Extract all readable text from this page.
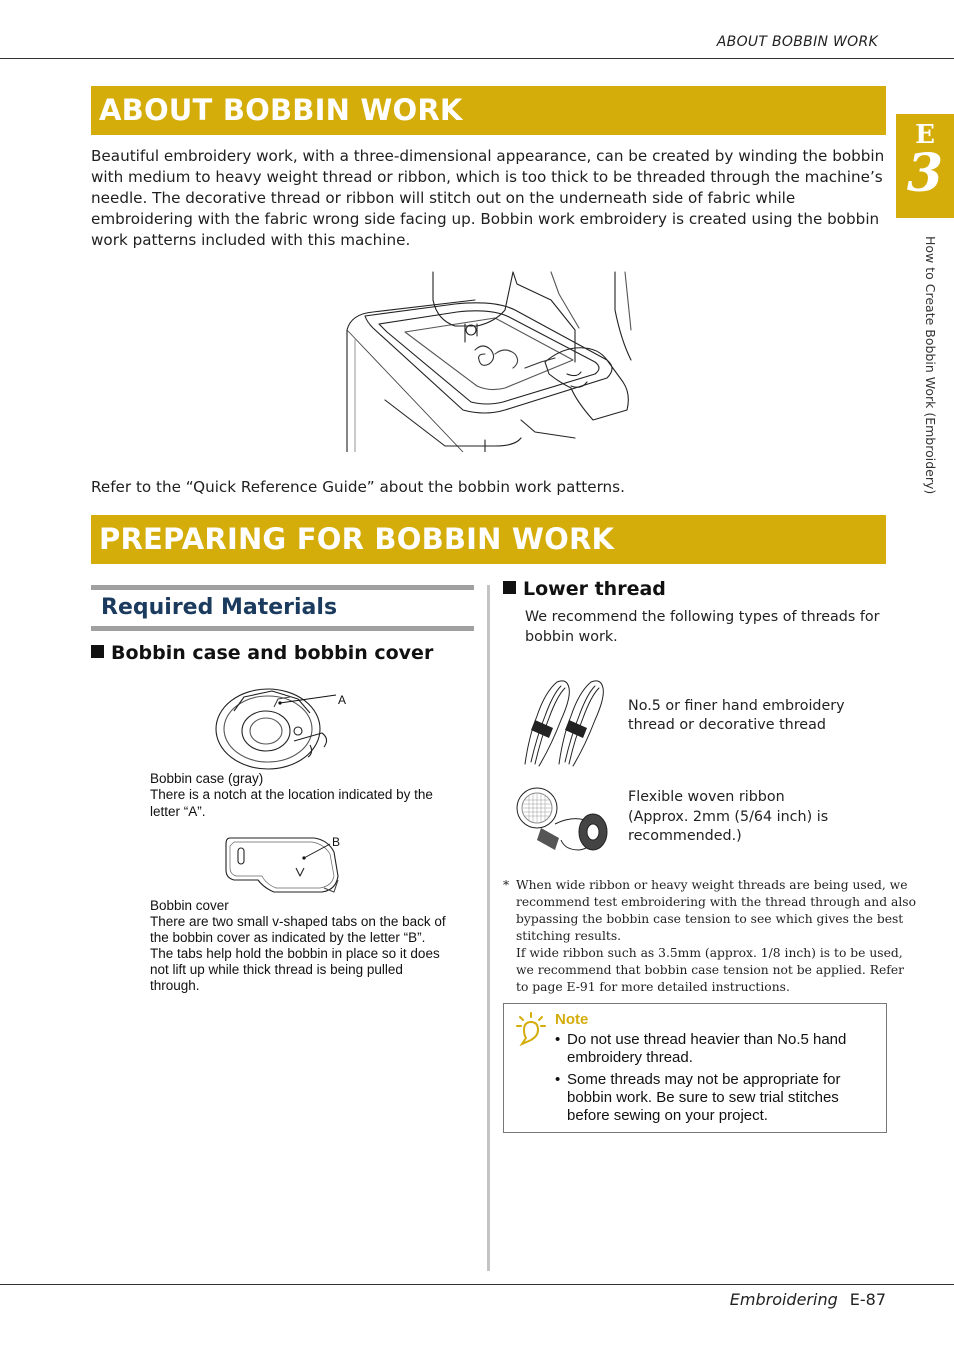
ABOUT BOBBIN WORK
E
3
How to Create Bobbin Work (Embroidery)
ABOUT BOBBIN WORK
Beautiful embroidery work, with a three-dimensional appearance, can be created by winding the bobbin with medium to heavy weight thread or ribbon, which is too thick to be threaded through the machine’s needle. The decorative thread or ribbon will stitch out on the underneath side of fabric while embroidering with the fabric wrong side facing up. Bobbin work embroidery is created using the bobbin work patterns included with this machine.
Refer to the “Quick Reference Guide” about the bobbin work patterns.
PREPARING FOR BOBBIN WORK
Required Materials
Bobbin case and bobbin cover
A
Bobbin case (gray)
There is a notch at the location indicated by the
letter “A”.
B
Bobbin cover
There are two small v-shaped tabs on the back of
the bobbin cover as indicated by the letter “B”.
The tabs help hold the bobbin in place so it does
not lift up while thick thread is being pulled
through.
Lower thread
We recommend the following types of threads for
bobbin work.
No.5 or finer hand embroidery
thread or decorative thread
Flexible woven ribbon
(Approx. 2mm (5/64 inch) is
recommended.)
* When wide ribbon or heavy weight threads are being used, we
recommend test embroidering with the thread through and also
bypassing the bobbin case tension to see which gives the best
stitching results.
If wide ribbon such as 3.5mm (approx. 1/8 inch) is to be used,
we recommend that bobbin case tension not be applied. Refer
to page E-91 for more detailed instructions.
Note
• Do not use thread heavier than No.5 hand
embroidery thread.
• Some threads may not be appropriate for
bobbin work. Be sure to sew trial stitches
before sewing on your project.
Embroidering E-87
